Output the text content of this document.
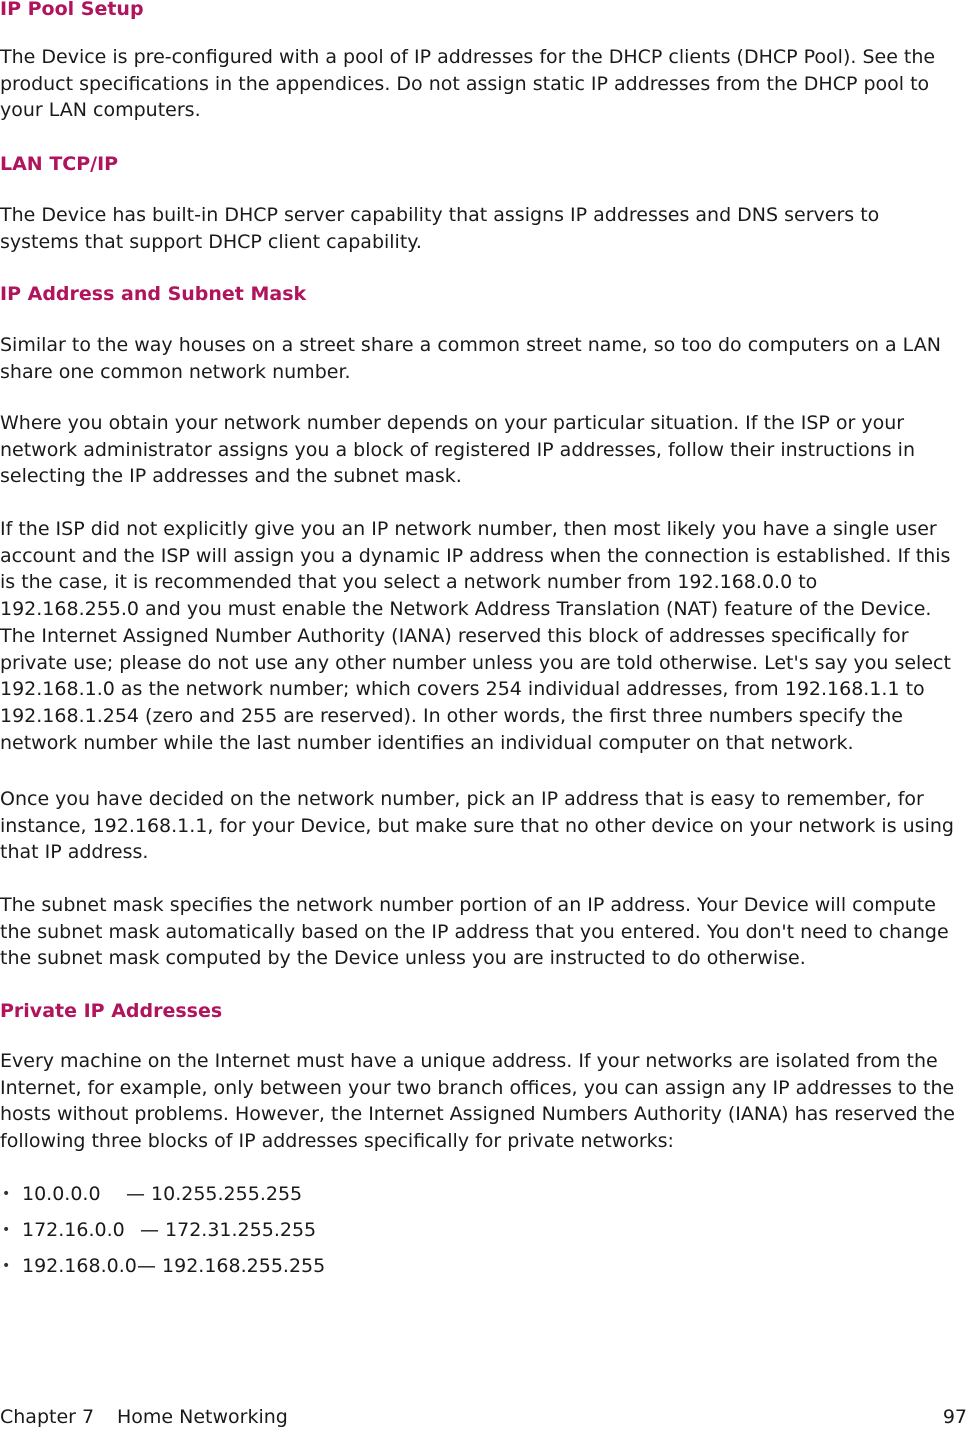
IP Pool Setup

The Device is pre-configured with a pool of IP addresses for the DHCP clients (DHCP Pool). See the product specifications in the appendices. Do not assign static IP addresses from the DHCP pool to your LAN computers.

LAN TCP/IP

The Device has built-in DHCP server capability that assigns IP addresses and DNS servers to systems that support DHCP client capability.

IP Address and Subnet Mask

Similar to the way houses on a street share a common street name, so too do computers on a LAN share one common network number.

Where you obtain your network number depends on your particular situation. If the ISP or your network administrator assigns you a block of registered IP addresses, follow their instructions in selecting the IP addresses and the subnet mask.

If the ISP did not explicitly give you an IP network number, then most likely you have a single user account and the ISP will assign you a dynamic IP address when the connection is established. If this is the case, it is recommended that you select a network number from 192.168.0.0 to 192.168.255.0 and you must enable the Network Address Translation (NAT) feature of the Device. The Internet Assigned Number Authority (IANA) reserved this block of addresses specifically for private use; please do not use any other number unless you are told otherwise. Let's say you select 192.168.1.0 as the network number; which covers 254 individual addresses, from 192.168.1.1 to 192.168.1.254 (zero and 255 are reserved). In other words, the first three numbers specify the network number while the last number identifies an individual computer on that network.

Once you have decided on the network number, pick an IP address that is easy to remember, for instance, 192.168.1.1, for your Device, but make sure that no other device on your network is using that IP address.

The subnet mask specifies the network number portion of an IP address. Your Device will compute the subnet mask automatically based on the IP address that you entered. You don't need to change the subnet mask computed by the Device unless you are instructed to do otherwise.

Private IP Addresses

Every machine on the Internet must have a unique address. If your networks are isolated from the Internet, for example, only between your two branch offices, you can assign any IP addresses to the hosts without problems. However, the Internet Assigned Numbers Authority (IANA) has reserved the following three blocks of IP addresses specifically for private networks:

• 10.0.0.0 — 10.255.255.255
• 172.16.0.0 — 172.31.255.255
• 192.168.0.0 — 192.168.255.255
Chapter 7 Home Networking	97
